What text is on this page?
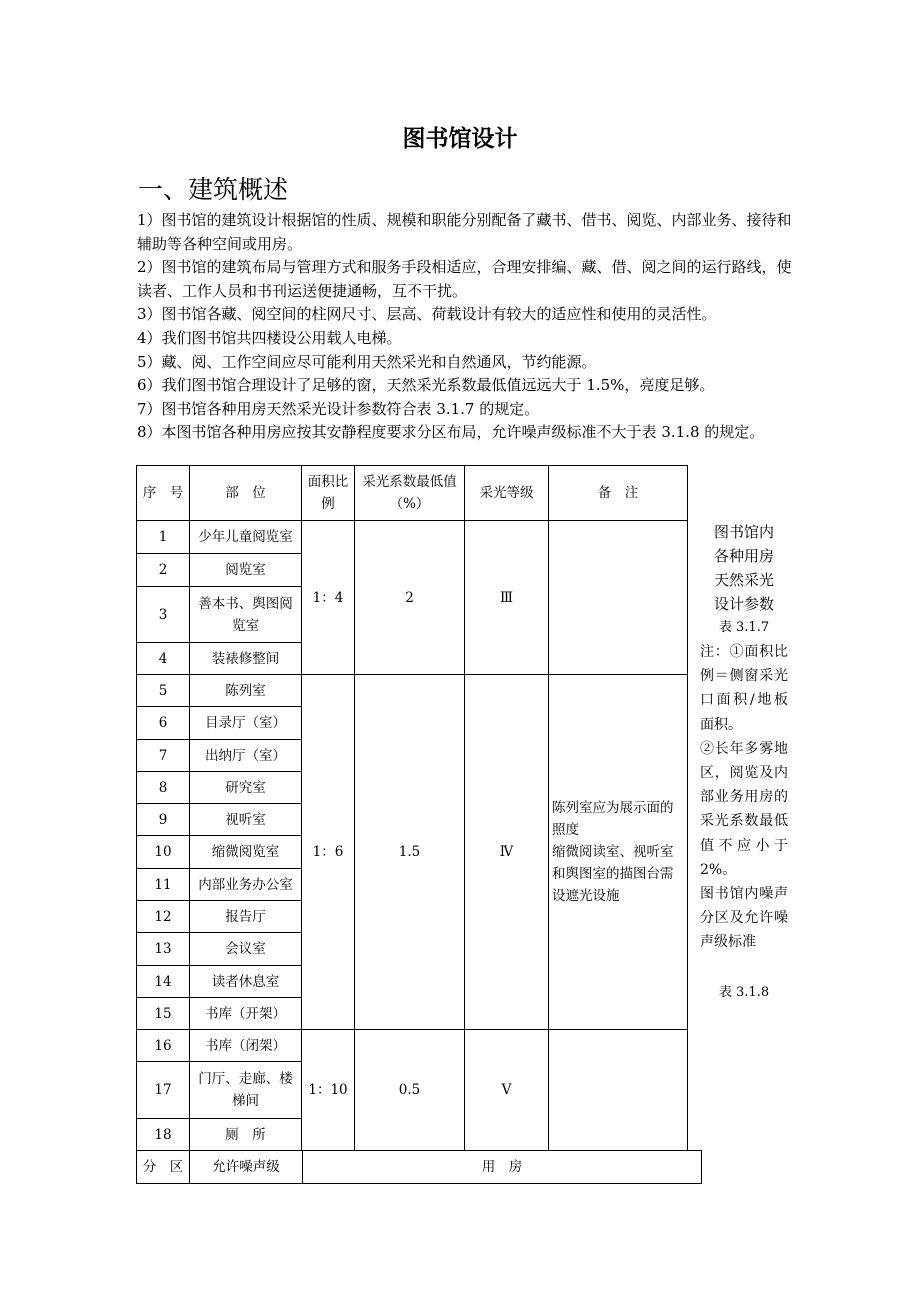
图书馆设计
一、建筑概述

1）图书馆的建筑设计根据馆的性质、规模和职能分别配备了藏书、借书、阅览、内部业务、接待和辅助等各种空间或用房。

2）图书馆的建筑布局与管理方式和服务手段相适应，合理安排编、藏、借、阅之间的运行路线，使读者、工作人员和书刊运送便捷通畅，互不干扰。

3）图书馆各藏、阅空间的柱网尺寸、层高、荷载设计有较大的适应性和使用的灵活性。

4）我们图书馆共四楼设公用载人电梯。

5）藏、阅、工作空间应尽可能利用天然采光和自然通风，节约能源。

6）我们图书馆合理设计了足够的窗，天然采光系数最低值远远大于 1.5%，亮度足够。

7）图书馆各种用房天然采光设计参数符合表 3.1.7 的规定。

8）本图书馆各种用房应按其安静程度要求分区布局，允许噪声级标准不大于表 3.1.8 的规定。

序　号	部　位	面积比例	采光系数最低值（%）	采光等级	备　注
1	少年儿童阅览室	1：4	2	Ⅲ	
2	阅览室				
3	善本书、舆图阅览室				
4	装裱修整间				
5	陈列室	1：6	1.5	Ⅳ	陈列室应为展示面的照度
缩微阅读室、视听室和舆图室的描图台需设遮光设施

6	目录厅（室）				
7	出纳厅（室）				
8	研究室				
9	视听室				
10	缩微阅览室				
11	内部业务办公室				
12	报告厅				
13	会议室				
14	读者休息室				
15	书库（开架）				
16	书库（闭架）	1：10	0.5	Ⅴ	
17	门厅、走廊、楼梯间				
18	厕　所				
分　区	允许噪声级	用　房
图书馆内各种用房天然采光设计参数
表 3.1.7
注：①面积比例＝侧窗采光口面积/地板面积。
②长年多雾地区，阅览及内部业务用房的采光系数最低值不应小于 2%。
图书馆内噪声分区及允许噪声级标准
表 3.1.8
